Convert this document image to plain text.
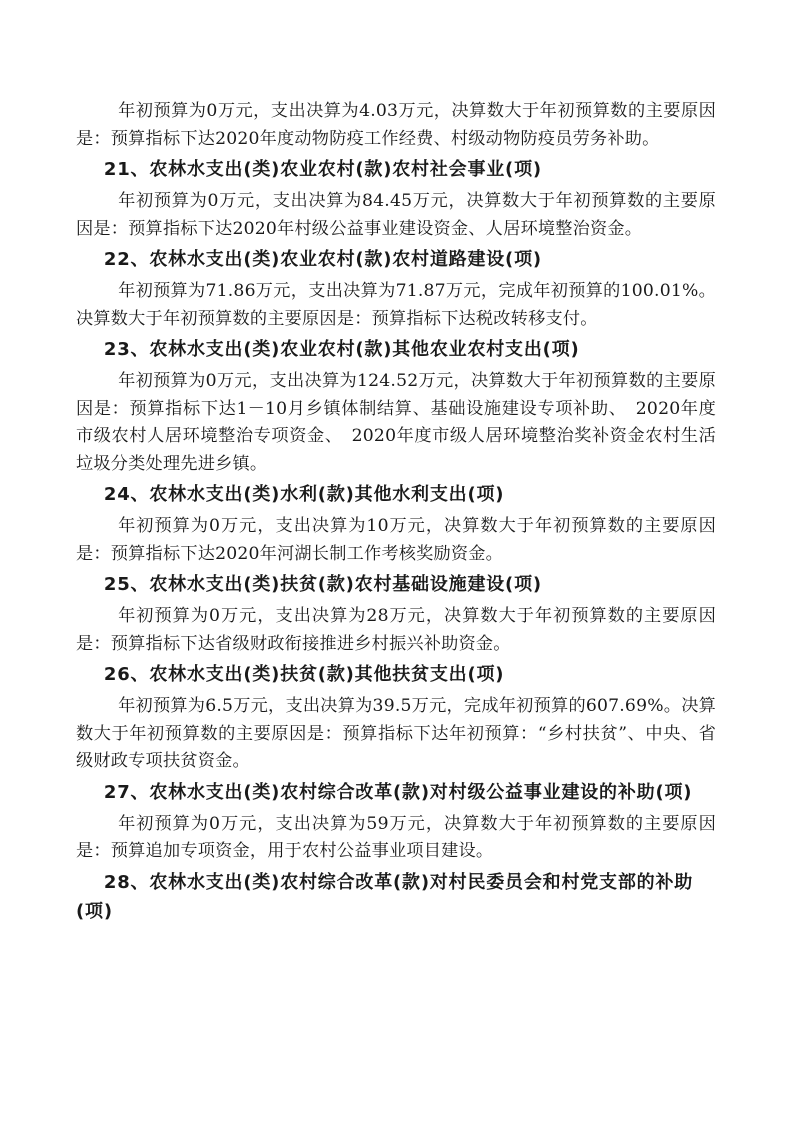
年初预算为0万元，支出决算为4.03万元，决算数大于年初预算数的主要原因是：预算指标下达2020年度动物防疫工作经费、村级动物防疫员劳务补助。

21、农林水支出(类)农业农村(款)农村社会事业(项)

年初预算为0万元，支出决算为84.45万元，决算数大于年初预算数的主要原因是：预算指标下达2020年村级公益事业建设资金、人居环境整治资金。

22、农林水支出(类)农业农村(款)农村道路建设(项)

年初预算为71.86万元，支出决算为71.87万元，完成年初预算的100.01%。决算数大于年初预算数的主要原因是：预算指标下达税改转移支付。

23、农林水支出(类)农业农村(款)其他农业农村支出(项)

年初预算为0万元，支出决算为124.52万元，决算数大于年初预算数的主要原因是：预算指标下达1－10月乡镇体制结算、基础设施建设专项补助、　2020年度市级农村人居环境整治专项资金、　2020年度市级人居环境整治奖补资金农村生活垃圾分类处理先进乡镇。

24、农林水支出(类)水利(款)其他水利支出(项)

年初预算为0万元，支出决算为10万元，决算数大于年初预算数的主要原因是：预算指标下达2020年河湖长制工作考核奖励资金。

25、农林水支出(类)扶贫(款)农村基础设施建设(项)

年初预算为0万元，支出决算为28万元，决算数大于年初预算数的主要原因是：预算指标下达省级财政衔接推进乡村振兴补助资金。

26、农林水支出(类)扶贫(款)其他扶贫支出(项)

年初预算为6.5万元，支出决算为39.5万元，完成年初预算的607.69%。决算数大于年初预算数的主要原因是：预算指标下达年初预算：“乡村扶贫”、中央、省级财政专项扶贫资金。

27、农林水支出(类)农村综合改革(款)对村级公益事业建设的补助(项)

年初预算为0万元，支出决算为59万元，决算数大于年初预算数的主要原因是：预算追加专项资金，用于农村公益事业项目建设。

28、农林水支出(类)农村综合改革(款)对村民委员会和村党支部的补助(项)
